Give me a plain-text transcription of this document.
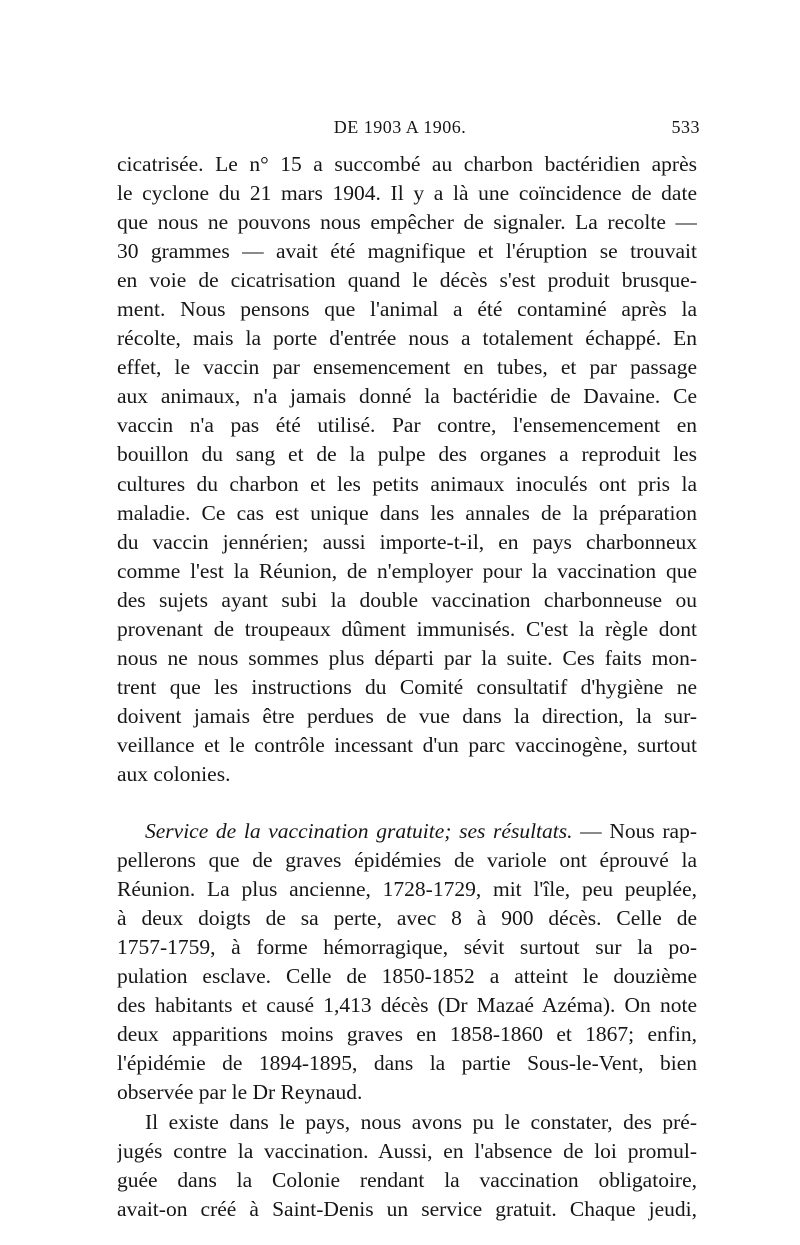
DE 1903 A 1906.	533
cicatrisée. Le n° 15 a succombé au charbon bactéridien après
le cyclone du 21 mars 1904. Il y a là une coïncidence de date
que nous ne pouvons nous empêcher de signaler. La recolte —
30 grammes — avait été magnifique et l'éruption se trouvait
en voie de cicatrisation quand le décès s'est produit brusque-
ment. Nous pensons que l'animal a été contaminé après la
récolte, mais la porte d'entrée nous a totalement échappé. En
effet, le vaccin par ensemencement en tubes, et par passage
aux animaux, n'a jamais donné la bactéridie de Davaine. Ce
vaccin n'a pas été utilisé. Par contre, l'ensemencement en
bouillon du sang et de la pulpe des organes a reproduit les
cultures du charbon et les petits animaux inoculés ont pris la
maladie. Ce cas est unique dans les annales de la préparation
du vaccin jennérien; aussi importe-t-il, en pays charbonneux
comme l'est la Réunion, de n'employer pour la vaccination que
des sujets ayant subi la double vaccination charbonneuse ou
provenant de troupeaux dûment immunisés. C'est la règle dont
nous ne nous sommes plus départi par la suite. Ces faits mon-
trent que les instructions du Comité consultatif d'hygiène ne
doivent jamais être perdues de vue dans la direction, la sur-
veillance et le contrôle incessant d'un parc vaccinogène, surtout
aux colonies.
Service de la vaccination gratuite; ses résultats. — Nous rap-
pellerons que de graves épidémies de variole ont éprouvé la
Réunion. La plus ancienne, 1728-1729, mit l'île, peu peuplée,
à deux doigts de sa perte, avec 8 à 900 décès. Celle de
1757-1759, à forme hémorragique, sévit surtout sur la po-
pulation esclave. Celle de 1850-1852 a atteint le douzième
des habitants et causé 1,413 décès (Dr Mazaé Azéma). On note
deux apparitions moins graves en 1858-1860 et 1867; enfin,
l'épidémie de 1894-1895, dans la partie Sous-le-Vent, bien
observée par le Dr Reynaud.
Il existe dans le pays, nous avons pu le constater, des pré-
jugés contre la vaccination. Aussi, en l'absence de loi promul-
guée dans la Colonie rendant la vaccination obligatoire,
avait-on créé à Saint-Denis un service gratuit. Chaque jeudi,
